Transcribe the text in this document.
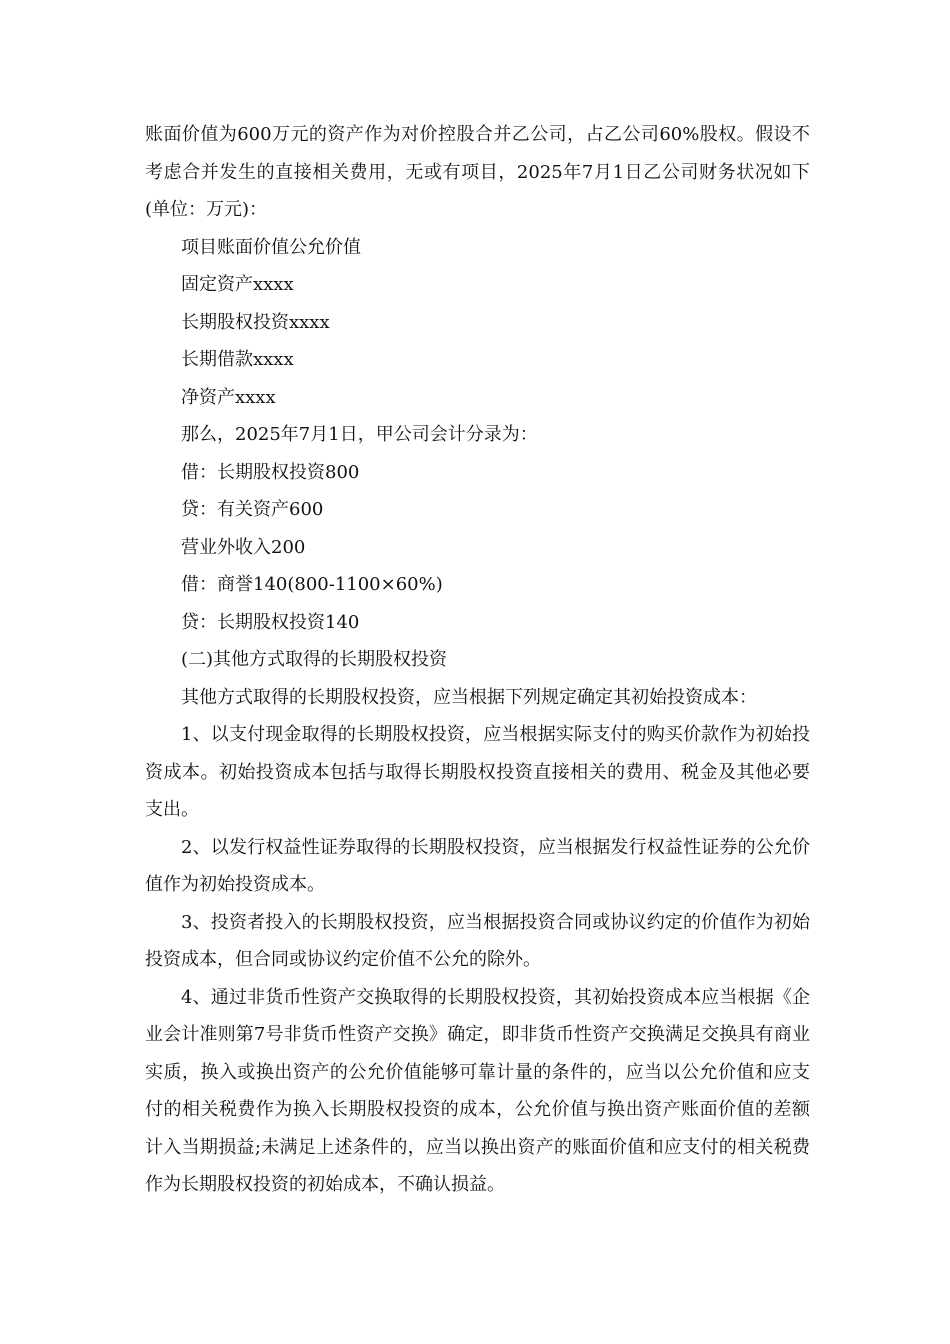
账面价值为600万元的资产作为对价控股合并乙公司，占乙公司60%股权。假设不考虑合并发生的直接相关费用，无或有项目，2025年7月1日乙公司财务状况如下(单位：万元)：

项目账面价值公允价值

固定资产xxxx

长期股权投资xxxx

长期借款xxxx

净资产xxxx

那么，2025年7月1日，甲公司会计分录为：

借：长期股权投资800

贷：有关资产600

营业外收入200

借：商誉140(800-1100×60%)

贷：长期股权投资140

(二)其他方式取得的长期股权投资

其他方式取得的长期股权投资，应当根据下列规定确定其初始投资成本：

1、以支付现金取得的长期股权投资，应当根据实际支付的购买价款作为初始投资成本。初始投资成本包括与取得长期股权投资直接相关的费用、税金及其他必要支出。

2、以发行权益性证券取得的长期股权投资，应当根据发行权益性证券的公允价值作为初始投资成本。

3、投资者投入的长期股权投资，应当根据投资合同或协议约定的价值作为初始投资成本，但合同或协议约定价值不公允的除外。

4、通过非货币性资产交换取得的长期股权投资，其初始投资成本应当根据《企业会计准则第7号非货币性资产交换》确定，即非货币性资产交换满足交换具有商业实质，换入或换出资产的公允价值能够可靠计量的条件的，应当以公允价值和应支付的相关税费作为换入长期股权投资的成本，公允价值与换出资产账面价值的差额计入当期损益;未满足上述条件的，应当以换出资产的账面价值和应支付的相关税费作为长期股权投资的初始成本，不确认损益。
